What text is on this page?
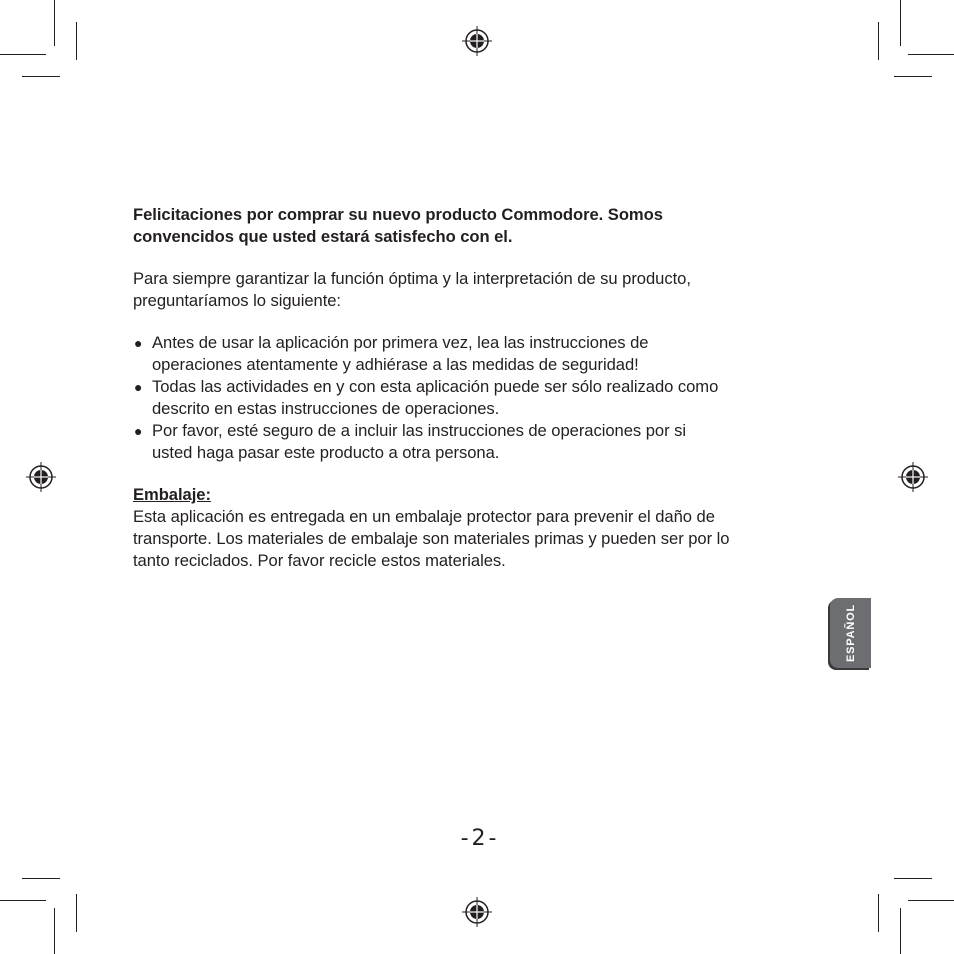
Felicitaciones por comprar su nuevo producto Commodore. Somos
convencidos que usted estará satisfecho con el.

Para siempre garantizar la función óptima y la interpretación de su producto,
preguntaríamos lo siguiente:

● Antes de usar la aplicación por primera vez, lea las instrucciones de
operaciones atentamente y adhiérase a las medidas de seguridad!
● Todas las actividades en y con esta aplicación puede ser sólo realizado como
descrito en estas instrucciones de operaciones.
● Por favor, esté seguro de a incluir las instrucciones de operaciones por si
usted haga pasar este producto a otra persona.

Embalaje:

Esta aplicación es entregada en un embalaje protector para prevenir el daño de
transporte. Los materiales de embalaje son materiales primas y pueden ser por lo
tanto reciclados. Por favor recicle estos materiales.
ESPAÑOL
-2-
